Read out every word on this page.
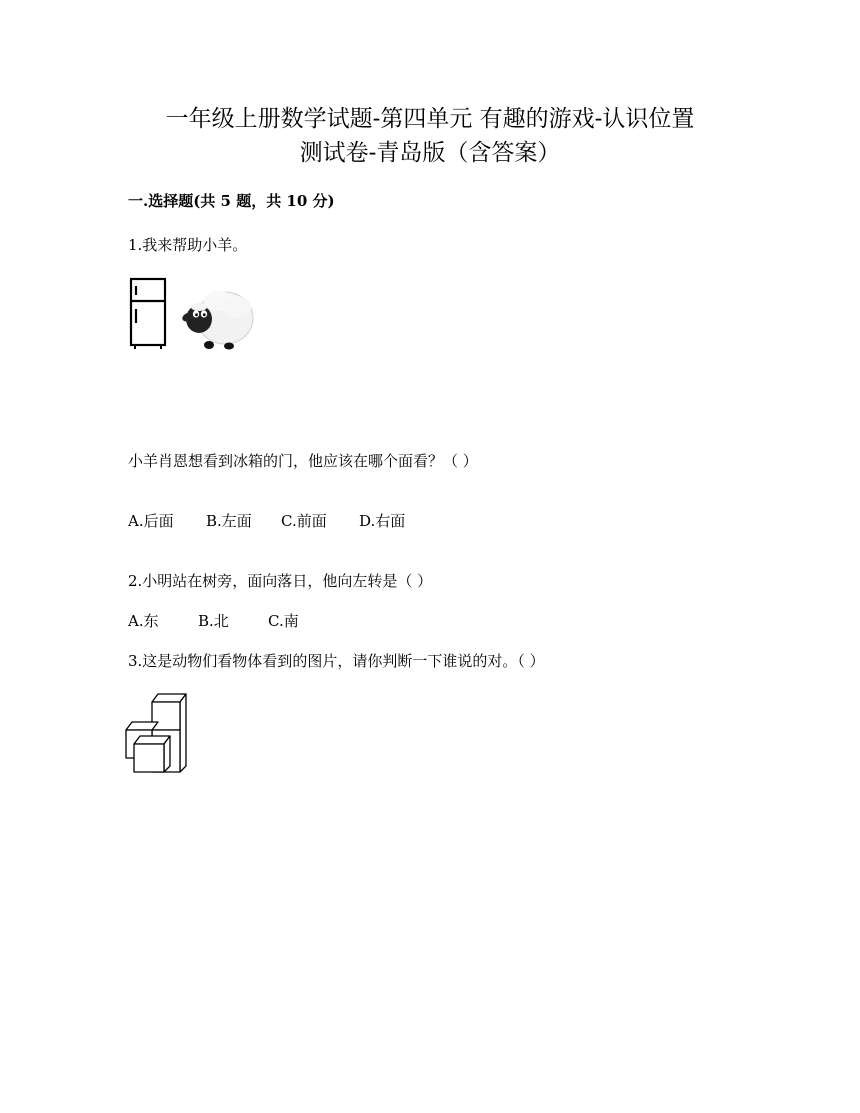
一年级上册数学试题-第四单元 有趣的游戏-认识位置
测试卷-青岛版（含答案）
一.选择题(共 5 题，共 10 分)
1.我来帮助小羊。
小羊肖恩想看到冰箱的门，他应该在哪个面看？（ ）
A.后面 B.左面 C.前面 D.右面
2.小明站在树旁，面向落日，他向左转是（ ）
A.东	B.北	C.南
3.这是动物们看物体看到的图片，请你判断一下谁说的对。（ ）
